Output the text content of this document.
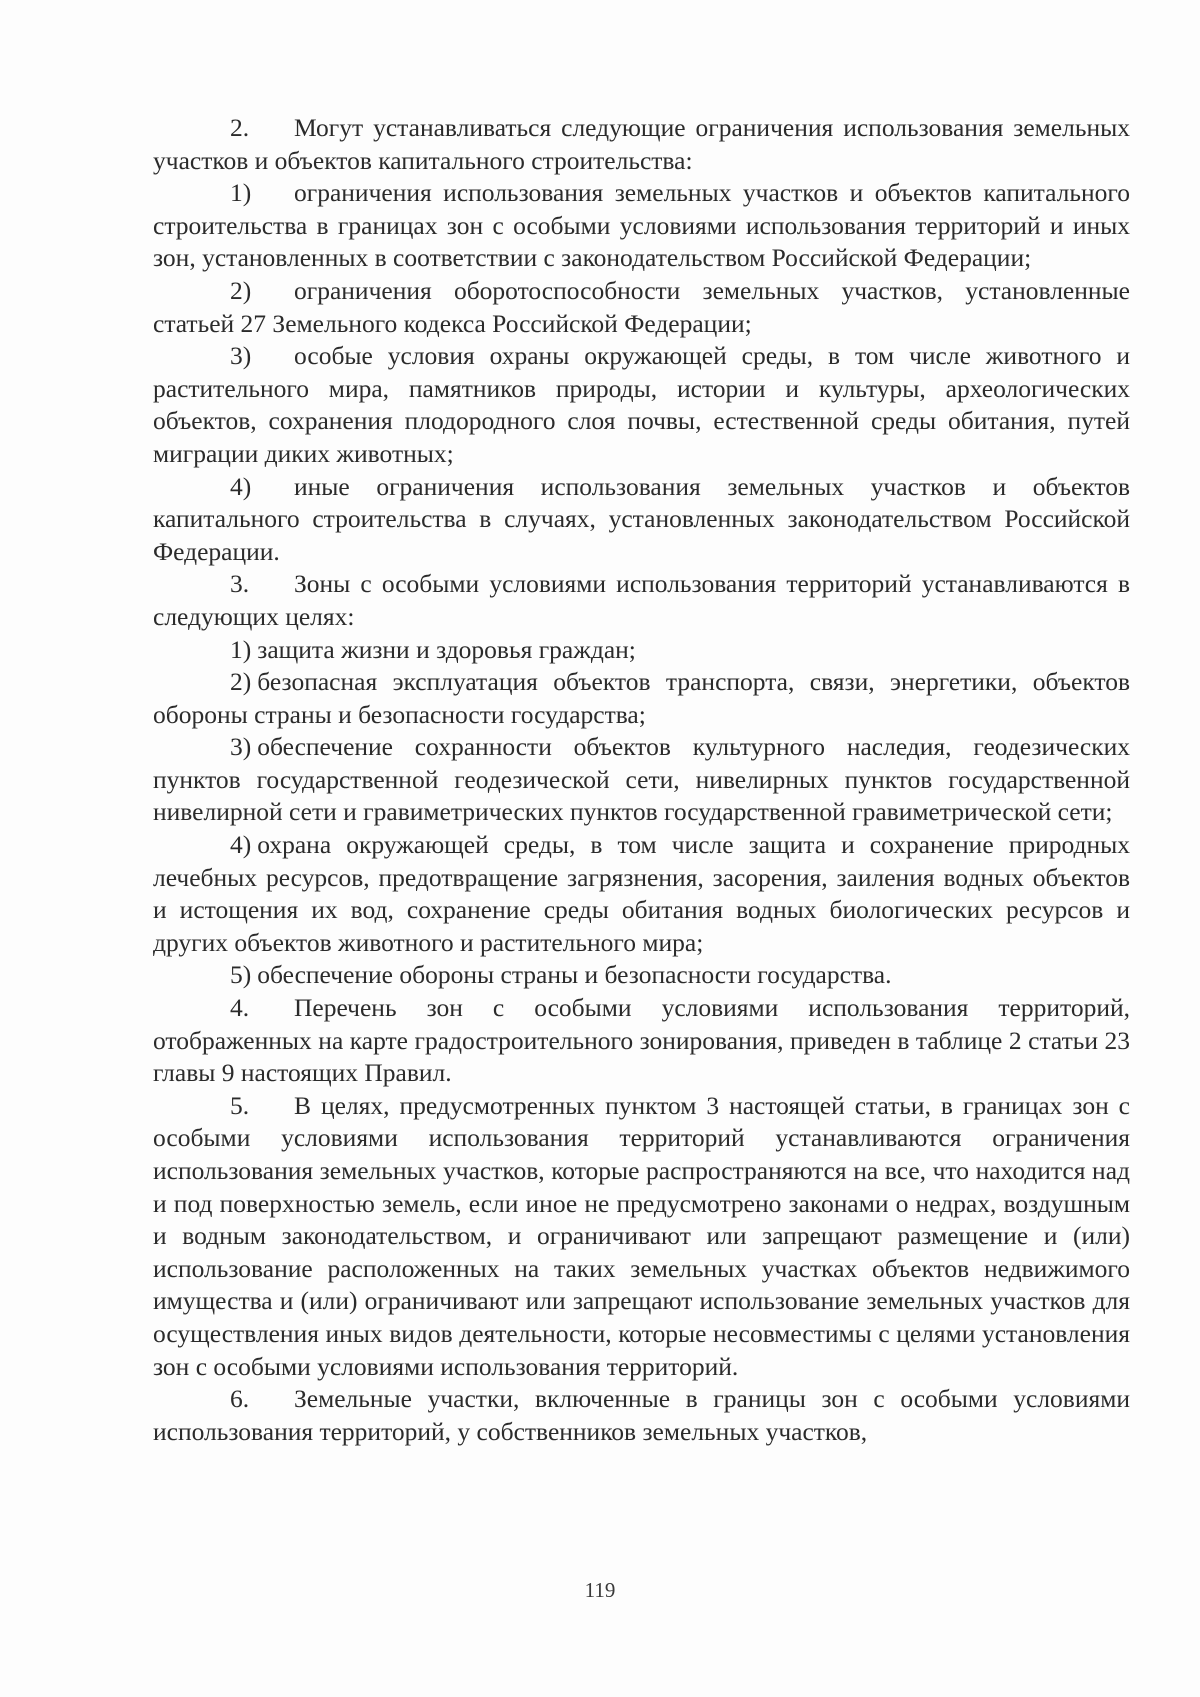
2. Могут устанавливаться следующие ограничения использования земельных участков и объектов капитального строительства:

1) ограничения использования земельных участков и объектов капитального строительства в границах зон с особыми условиями использования территорий и иных зон, установленных в соответствии с законодательством Российской Федерации;

2) ограничения оборотоспособности земельных участков, установленные статьей 27 Земельного кодекса Российской Федерации;

3) особые условия охраны окружающей среды, в том числе животного и растительного мира, памятников природы, истории и культуры, археологических объектов, сохранения плодородного слоя почвы, естественной среды обитания, путей миграции диких животных;

4) иные ограничения использования земельных участков и объектов капитального строительства в случаях, установленных законодательством Российской Федерации.

3. Зоны с особыми условиями использования территорий устанавливаются в следующих целях:

1) защита жизни и здоровья граждан;

2) безопасная эксплуатация объектов транспорта, связи, энергетики, объектов обороны страны и безопасности государства;

3) обеспечение сохранности объектов культурного наследия, геодезических пунктов государственной геодезической сети, нивелирных пунктов государственной нивелирной сети и гравиметрических пунктов государственной гравиметрической сети;

4) охрана окружающей среды, в том числе защита и сохранение природных лечебных ресурсов, предотвращение загрязнения, засорения, заиления водных объектов и истощения их вод, сохранение среды обитания водных биологических ресурсов и других объектов животного и растительного мира;

5) обеспечение обороны страны и безопасности государства.

4. Перечень зон с особыми условиями использования территорий, отображенных на карте градостроительного зонирования, приведен в таблице 2 статьи 23 главы 9 настоящих Правил.

5. В целях, предусмотренных пунктом 3 настоящей статьи, в границах зон с особыми условиями использования территорий устанавливаются ограничения использования земельных участков, которые распространяются на все, что находится над и под поверхностью земель, если иное не предусмотрено законами о недрах, воздушным и водным законодательством, и ограничивают или запрещают размещение и (или) использование расположенных на таких земельных участках объектов недвижимого имущества и (или) ограничивают или запрещают использование земельных участков для осуществления иных видов деятельности, которые несовместимы с целями установления зон с особыми условиями использования территорий.

6. Земельные участки, включенные в границы зон с особыми условиями использования территорий, у собственников земельных участков,

119
